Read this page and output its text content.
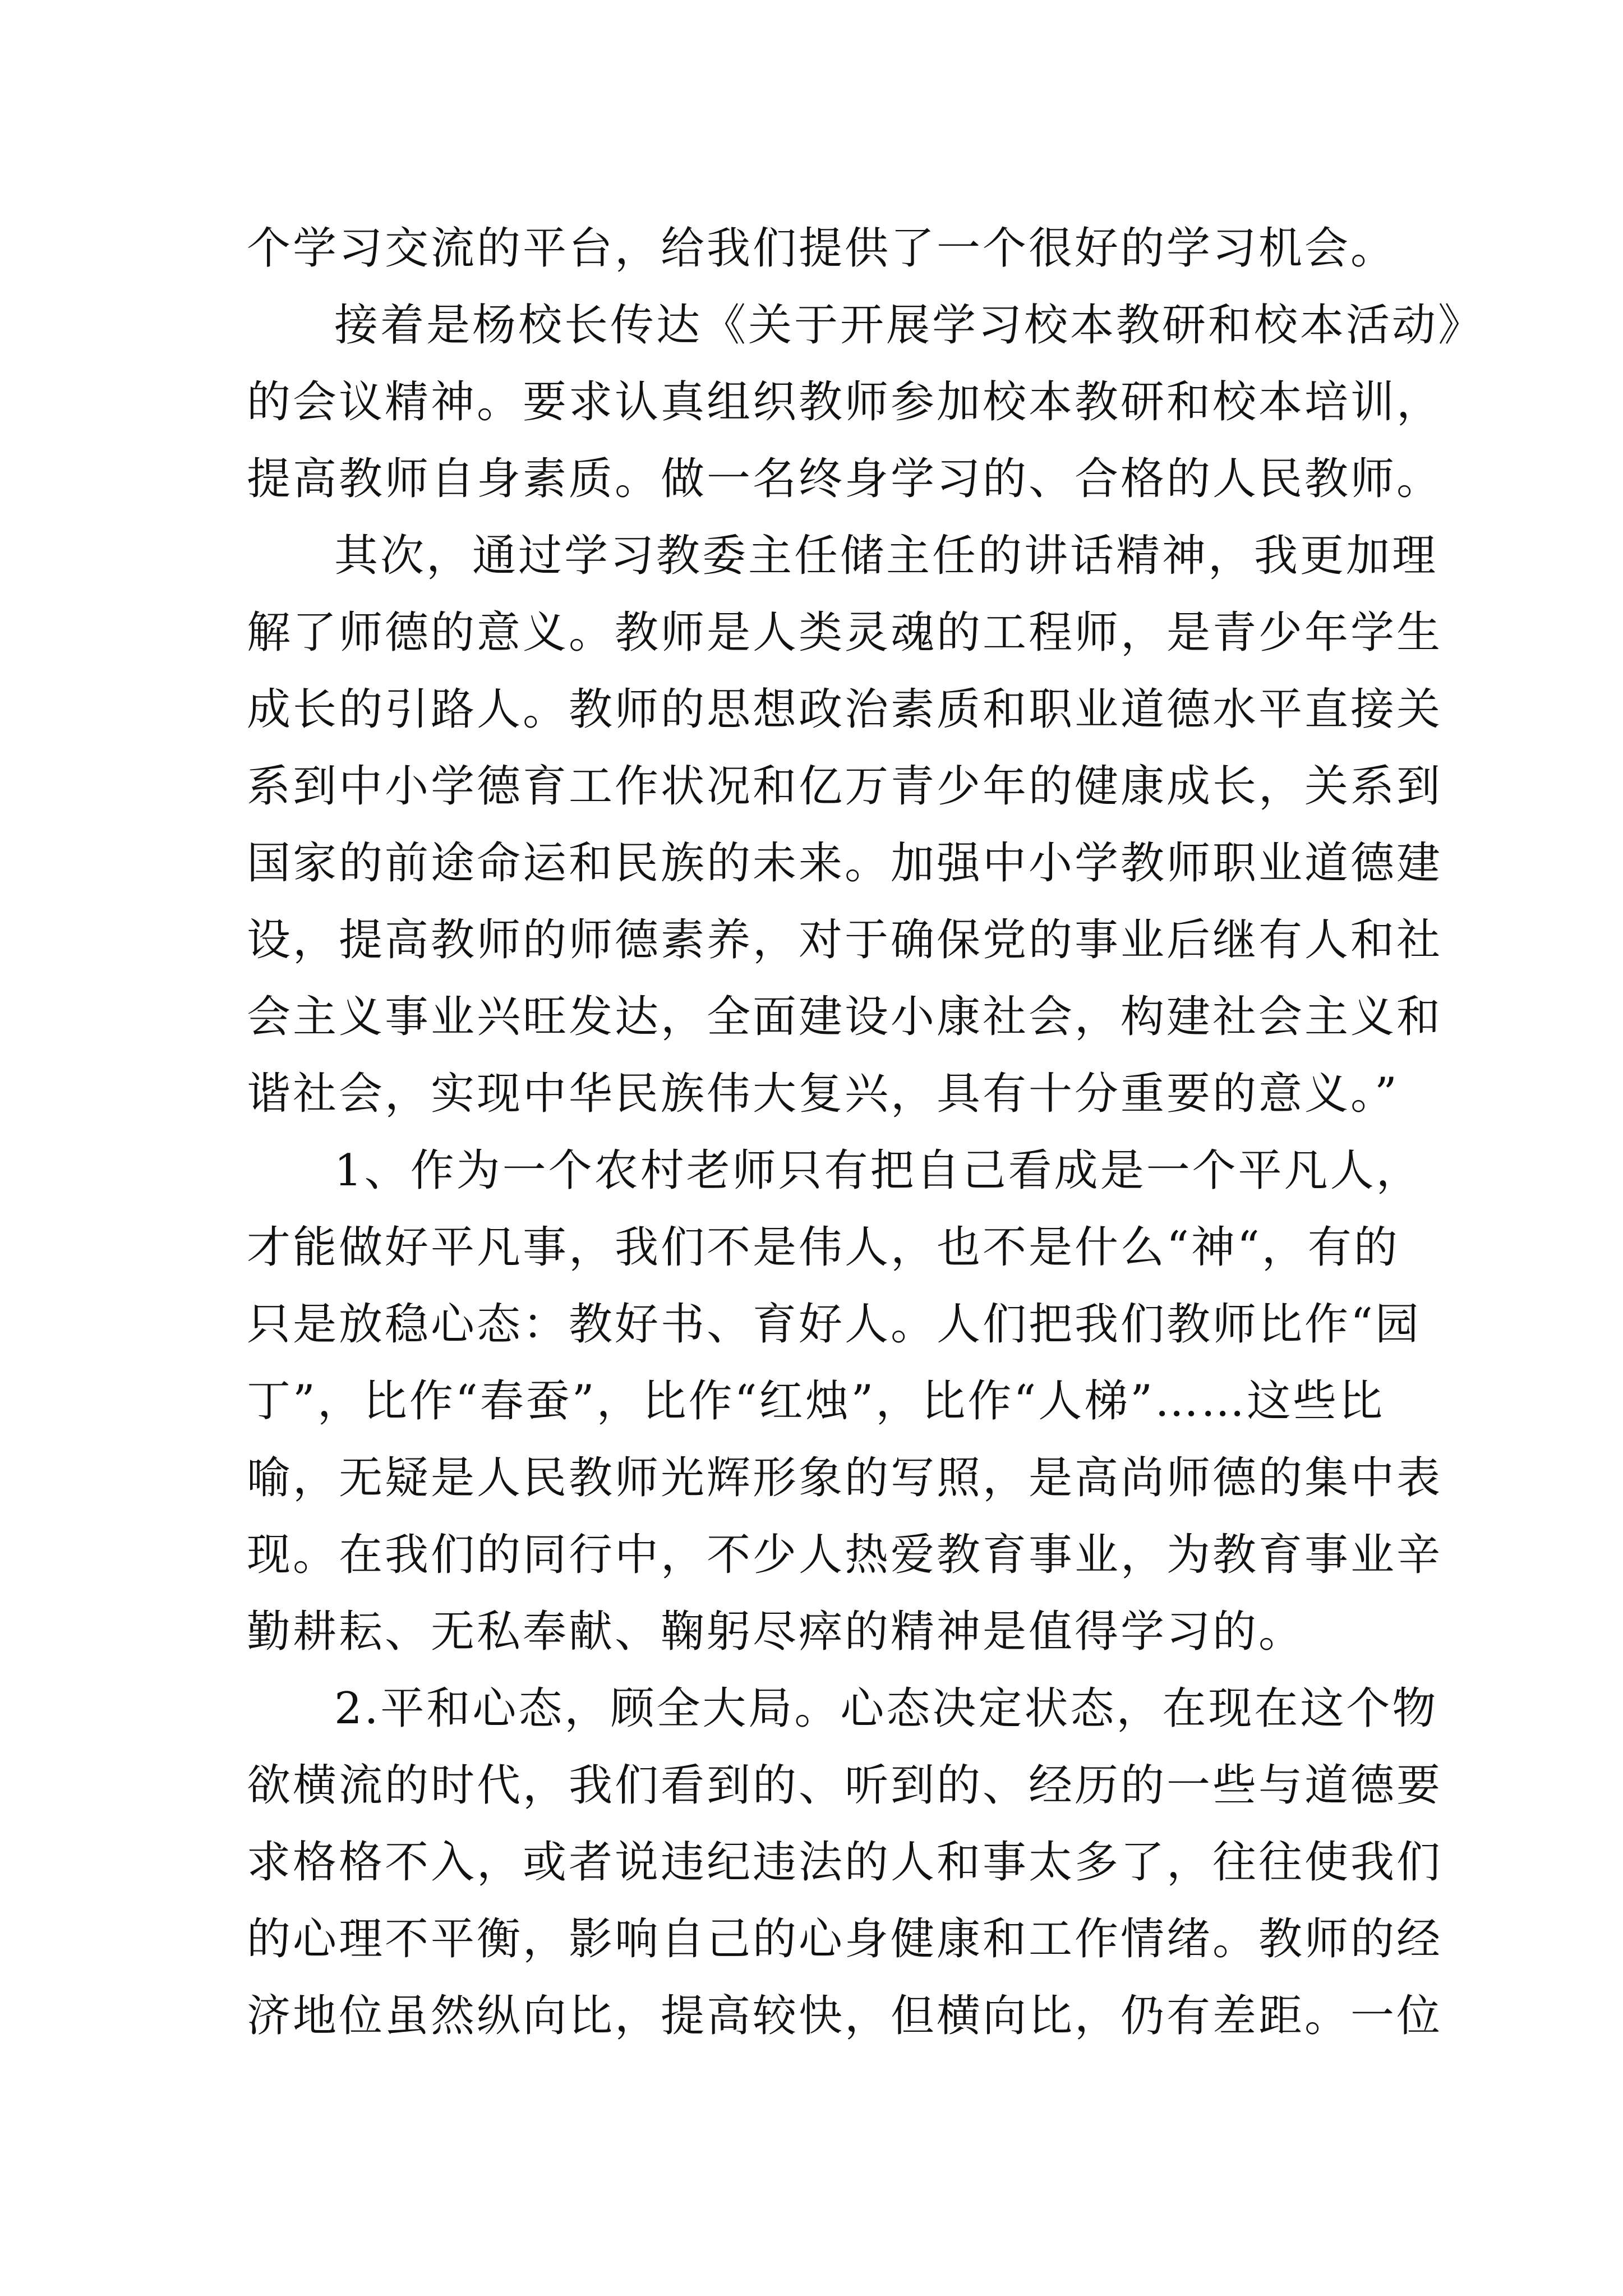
个学习交流的平台，给我们提供了一个很好的学习机会。
接着是杨校长传达《关于开展学习校本教研和校本活动》
的会议精神。要求认真组织教师参加校本教研和校本培训，
提高教师自身素质。做一名终身学习的、合格的人民教师。
其次，通过学习教委主任储主任的讲话精神，我更加理
解了师德的意义。教师是人类灵魂的工程师，是青少年学生
成长的引路人。教师的思想政治素质和职业道德水平直接关
系到中小学德育工作状况和亿万青少年的健康成长，关系到
国家的前途命运和民族的未来。加强中小学教师职业道德建
设，提高教师的师德素养，对于确保党的事业后继有人和社
会主义事业兴旺发达，全面建设小康社会，构建社会主义和
谐社会，实现中华民族伟大复兴，具有十分重要的意义。”
1、作为一个农村老师只有把自己看成是一个平凡人，
才能做好平凡事，我们不是伟人，也不是什么“神“，有的
只是放稳心态：教好书、育好人。人们把我们教师比作“园
丁”，比作“春蚕”，比作“红烛”，比作“人梯”……这些比
喻，无疑是人民教师光辉形象的写照，是高尚师德的集中表
现。在我们的同行中，不少人热爱教育事业，为教育事业辛
勤耕耘、无私奉献、鞠躬尽瘁的精神是值得学习的。
2.平和心态，顾全大局。心态决定状态，在现在这个物
欲横流的时代，我们看到的、听到的、经历的一些与道德要
求格格不入，或者说违纪违法的人和事太多了，往往使我们
的心理不平衡，影响自己的心身健康和工作情绪。教师的经
济地位虽然纵向比，提高较快，但横向比，仍有差距。一位
